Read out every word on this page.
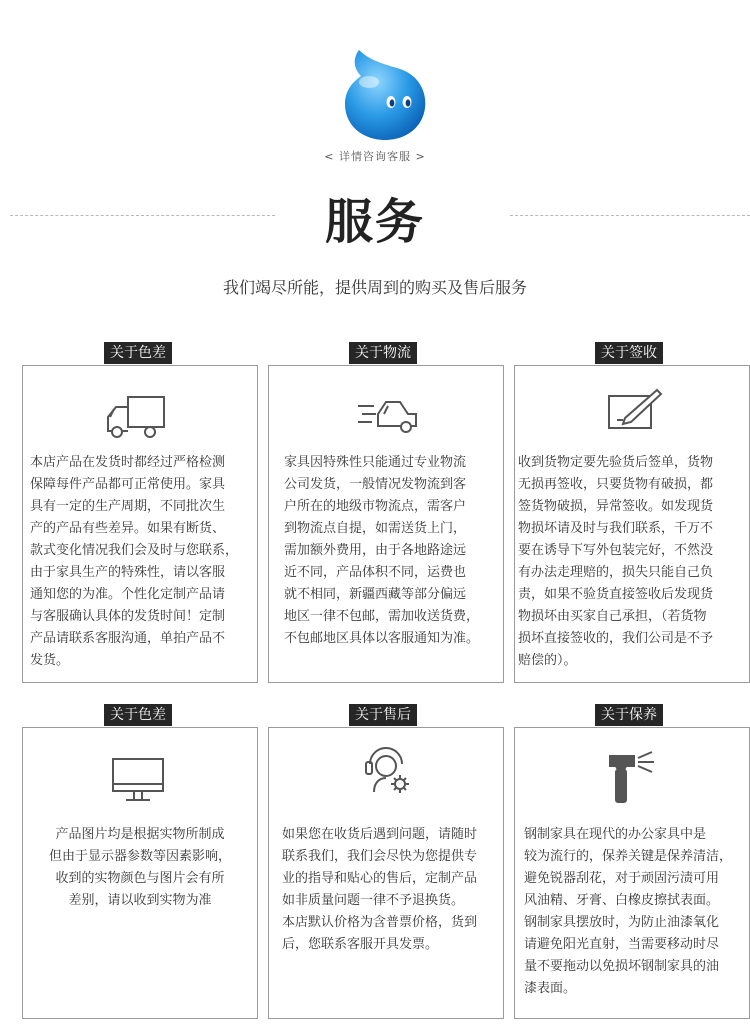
< 详情咨询客服 >
服务
我们竭尽所能，提供周到的购买及售后服务
关于色差
本店产品在发货时都经过严格检测
保障每件产品都可正常使用。家具
具有一定的生产周期，不同批次生
产的产品有些差异。如果有断货、
款式变化情况我们会及时与您联系，
由于家具生产的特殊性，请以客服
通知您的为准。个性化定制产品请
与客服确认具体的发货时间！定制
产品请联系客服沟通，单拍产品不
发货。
关于物流
家具因特殊性只能通过专业物流
公司发货，一般情况发物流到客
户所在的地级市物流点，需客户
到物流点自提，如需送货上门，
需加额外费用，由于各地路途远
近不同，产品体积不同，运费也
就不相同，新疆西藏等部分偏远
地区一律不包邮，需加收送货费，
不包邮地区具体以客服通知为准。
关于签收
收到货物定要先验货后签单，货物
无损再签收，只要货物有破损，都
签货物破损，异常签收。如发现货
物损坏请及时与我们联系，千万不
要在诱导下写外包装完好，不然没
有办法走理赔的，损失只能自己负
责，如果不验货直接签收后发现货
物损坏由买家自己承担，（若货物
损坏直接签收的，我们公司是不予
赔偿的）。
关于色差
产品图片均是根据实物所制成
但由于显示器参数等因素影响，
收到的实物颜色与图片会有所
差别，请以收到实物为准
关于售后
如果您在收货后遇到问题，请随时
联系我们，我们会尽快为您提供专
业的指导和贴心的售后，定制产品
如非质量问题一律不予退换货。
本店默认价格为含普票价格，货到
后，您联系客服开具发票。
关于保养
钢制家具在现代的办公家具中是
较为流行的，保养关键是保养清洁，
避免锐器刮花，对于顽固污渍可用
风油精、牙膏、白橡皮擦拭表面。
钢制家具摆放时，为防止油漆氧化
请避免阳光直射，当需要移动时尽
量不要拖动以免损坏钢制家具的油
漆表面。
